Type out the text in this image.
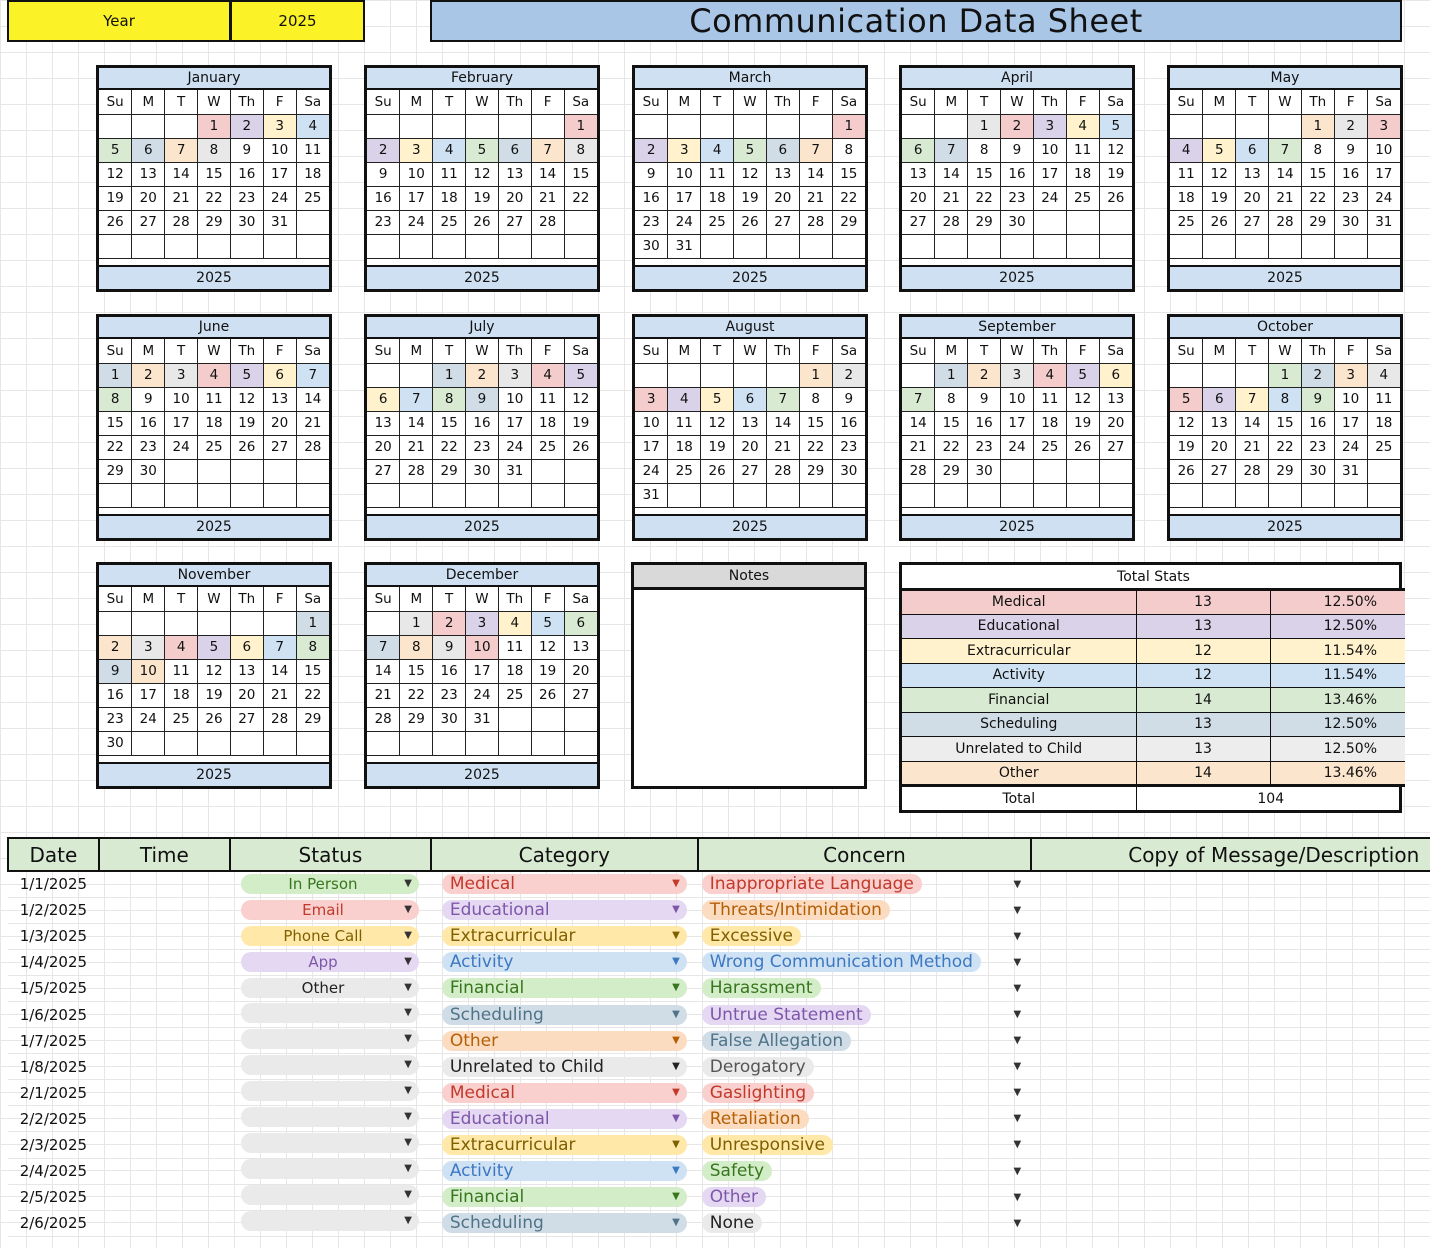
Year	2025	Communication Data Sheet
January
Su	M	T	W	Th	F	Sa
			1	2	3	4
5	6	7	8	9	10	11
12	13	14	15	16	17	18
19	20	21	22	23	24	25
26	27	28	29	30	31	

2025
February
Su	M	T	W	Th	F	Sa
						1
2	3	4	5	6	7	8
9	10	11	12	13	14	15
16	17	18	19	20	21	22
23	24	25	26	27	28	

2025
March
Su	M	T	W	Th	F	Sa
						1
2	3	4	5	6	7	8
9	10	11	12	13	14	15
16	17	18	19	20	21	22
23	24	25	26	27	28	29
30	31					
2025
April
Su	M	T	W	Th	F	Sa
		1	2	3	4	5
6	7	8	9	10	11	12
13	14	15	16	17	18	19
20	21	22	23	24	25	26
27	28	29	30			

2025
May
Su	M	T	W	Th	F	Sa
				1	2	3
4	5	6	7	8	9	10
11	12	13	14	15	16	17
18	19	20	21	22	23	24
25	26	27	28	29	30	31

2025
June
Su	M	T	W	Th	F	Sa
1	2	3	4	5	6	7
8	9	10	11	12	13	14
15	16	17	18	19	20	21
22	23	24	25	26	27	28
29	30					

2025
July
Su	M	T	W	Th	F	Sa
		1	2	3	4	5
6	7	8	9	10	11	12
13	14	15	16	17	18	19
20	21	22	23	24	25	26
27	28	29	30	31		

2025
August
Su	M	T	W	Th	F	Sa
					1	2
3	4	5	6	7	8	9
10	11	12	13	14	15	16
17	18	19	20	21	22	23
24	25	26	27	28	29	30
31						
2025
September
Su	M	T	W	Th	F	Sa
	1	2	3	4	5	6
7	8	9	10	11	12	13
14	15	16	17	18	19	20
21	22	23	24	25	26	27
28	29	30				

2025
October
Su	M	T	W	Th	F	Sa
			1	2	3	4
5	6	7	8	9	10	11
12	13	14	15	16	17	18
19	20	21	22	23	24	25
26	27	28	29	30	31	

2025
November
Su	M	T	W	Th	F	Sa
						1
2	3	4	5	6	7	8
9	10	11	12	13	14	15
16	17	18	19	20	21	22
23	24	25	26	27	28	29
30						
2025
December
Su	M	T	W	Th	F	Sa
	1	2	3	4	5	6
7	8	9	10	11	12	13
14	15	16	17	18	19	20
21	22	23	24	25	26	27
28	29	30	31			

2025
Notes	Total Stats		
Medical	13	12.50%
Educational	13	12.50%
Extracurricular	12	11.54%
Activity	12	11.54%
Financial	14	13.46%
Scheduling	13	12.50%
Unrelated to Child	13	12.50%
Other	14	13.46%
Total	104	
Date	Time	Status	Category	Concern	Copy of Message/Description
1/1/2025		In Person ▼	Medical ▼	Inappropriate Language ▼	

1/2/2025		Email ▼	Educational ▼	Threats/Intimidation ▼	

1/3/2025		Phone Call ▼	Extracurricular ▼	Excessive ▼	

1/4/2025		App ▼	Activity ▼	Wrong Communication Method ▼	

1/5/2025		Other ▼	Financial ▼	Harassment ▼	

1/6/2025		▼	Scheduling ▼	Untrue Statement ▼	

1/7/2025		▼	Other ▼	False Allegation ▼	

1/8/2025		▼	Unrelated to Child ▼	Derogatory ▼	

2/1/2025		▼	Medical ▼	Gaslighting ▼	

2/2/2025		▼	Educational ▼	Retaliation ▼	

2/3/2025		▼	Extracurricular ▼	Unresponsive ▼	

2/4/2025		▼	Activity ▼	Safety ▼	

2/5/2025		▼	Financial ▼	Other ▼	

2/6/2025		▼	Scheduling ▼	None ▼	
